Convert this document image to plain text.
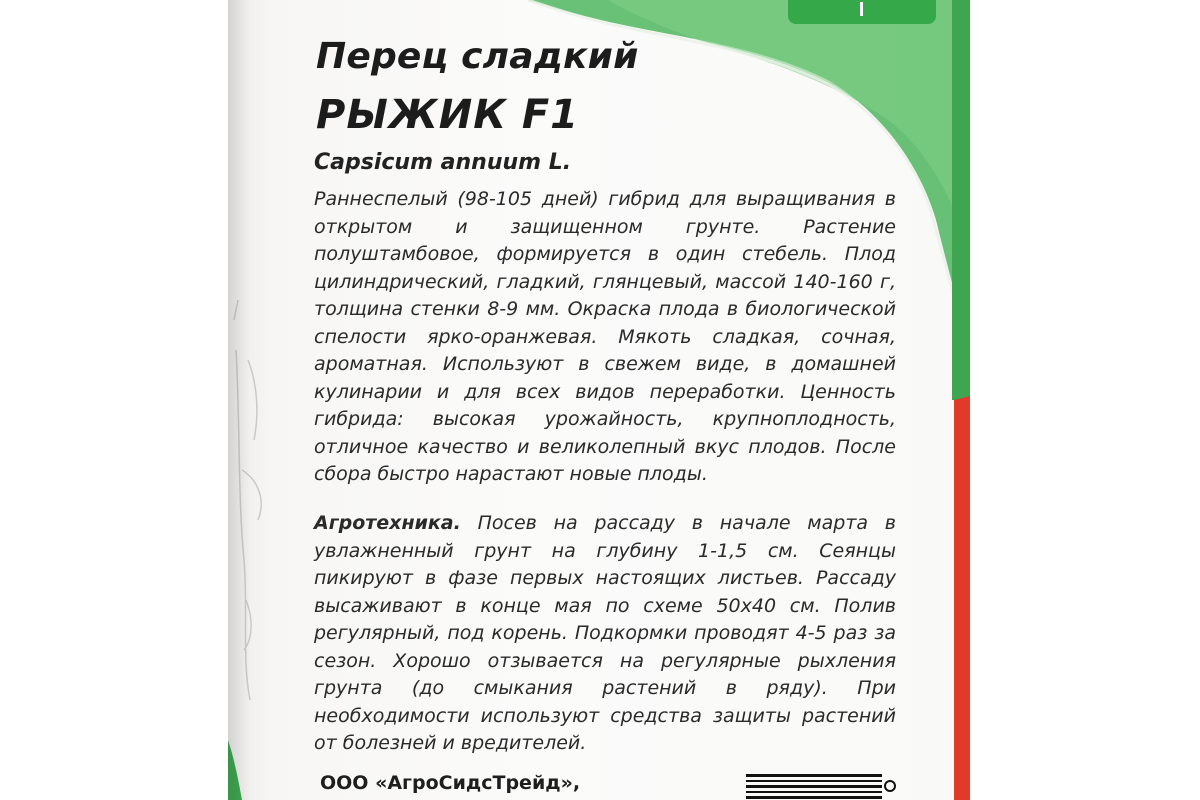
Перец сладкий
РЫЖИК F1
Capsicum annuum L.

Раннеспелый (98-105 дней) гибрид для выращивания в открытом и защищенном грунте. Растение полуштамбовое, формируется в один стебель. Плод цилиндрический, гладкий, глянцевый, массой 140-160 г, толщина стенки 8-9 мм. Окраска плода в биологической спелости ярко-оранжевая. Мякоть сладкая, сочная, ароматная. Используют в свежем виде, в домашней кулинарии и для всех видов переработки. Ценность гибрида: высокая урожайность, крупноплодность, отличное качество и великолепный вкус плодов. После сбора быстро нарастают новые плоды.

Агротехника. Посев на рассаду в начале марта в увлажненный грунт на глубину 1-1,5 см. Сеянцы пикируют в фазе первых настоящих листьев. Рассаду высаживают в конце мая по схеме 50х40 см. Полив регулярный, под корень. Подкормки проводят 4-5 раз за сезон. Хорошо отзывается на регулярные рыхления грунта (до смыкания растений в ряду). При необходимости используют средства защиты растений от болезней и вредителей.

ООО «АгроСидсТрейд»,
